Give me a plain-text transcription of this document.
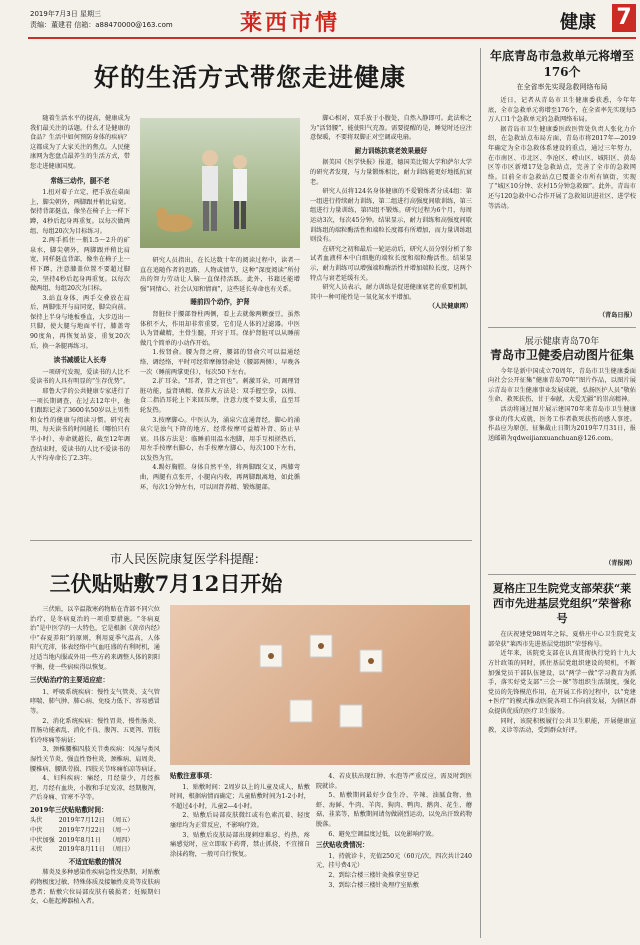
2019年7月3日 星期三
责编：董建君 信箱：a88470000@163.com	莱西市情	健康 7
好的生活方式带您走进健康

随着生活水平的提高，健康成为我们最关注的话题。什么才是健康的食品？生活中如何预防身体的疾病？这都成为了大家关注的焦点。人民健康网为您盘点最养生的生活方式，带您走进健康国度。

常练三动作，腿不老

1.扭对着子立定，把手放在桌面上，脚尖朝外，两脚跟并稍比肩宽。保持背部挺直，像坐在椅子上一样下蹲，4秒后起身再重复。以每次做两组、每组20次为目标练习。

2.两手抓住一瓶1.5～2升的矿泉水，脚尖朝外，两脚跟并稍比肩宽，同样挺直背部，像坐在椅子上一样下蹲，注意膝盖位置不要超过脚尖，坚持4秒后起身再重复。以每次做两组、每组20次为目标。

3.站直身体，两手交叠放在肩后，两脚张开与肩同宽，脚尖向前。保持上半身与地板垂直，大步迈出一只脚，使大腿与地面平行，膝盖弯90度角，再恢复站姿，重复20次后，换一条腿再练习。

读书减缓让人长寿

一项研究发现，爱读书的人比不爱读书的人具有明显的“生存优势”。

耶鲁大学的公共健康专家进行了一项长期调查，在过去12年中，他们跟踪记录了3600名50岁以上男性和女性的健康与阅读习惯。研究表明，每天读书的时间越长（哪怕只有半小时），寿命就越长，截至12年调查结束时，爱读书的人比不爱读书的人平均寿命长了2.3年。

研究人员指出，在长达数十年的阅读过程中，读者一直在追随作者的思路、人物或情节，这种“深度阅读”所付出的智力劳动让人脑一直保持活跃。此外，书籍还能增强“同情心、社会认知和情商”，这些延长寿命也有关系。

睡前四个动作，护肾

肾脏位于腰部脊柱两侧，看上去就像两颗蚕豆，虽然体积不大，作用却非常重要，它们是人体的过滤器。中医认为肾藏精，主骨生髓，开窍于耳。保护肾脏可以从睡前做几个简单的小动作开始。

1.按肾俞。腰为肾之府，腰部的肾俞穴可以温通经络、调经络，平时可经常摩擦肾俞处（腰部两侧），早晚各一次（睡前两掌更佳），每次50下左右。

2.扩耳朵。“耳者，肾之官也”。刺激耳朵，可调理肾脏功能，益肾填精、保养大方法是：双手握空拳，以拇、食二指沿耳轮上下来回压摩，注意力度不要太重，直至耳轮发热。

3.按摩脚心。中医认为，涌泉穴直通肾经，脚心的涌泉穴是浊气下降的地方，经常按摩可益精补肾、防止早衰。具体方法是：临睡前用温水泡脚，用手互相搓热后，用左手按摩右脚心，右手按摩左脚心，每次100下左右，以发热为宜。

4.踢好胸膛。身体自然平坐，将两脚跟交叉，两膝弯曲，两腿有点张开，小腿向内收，再两脚跟离地，如此循环，每次1分钟左右，可以固肾养精、锻炼腿部。

脚心相对，双手放于小腹处，自然入静即可。此法称之为“活肾腰”，能使阳气充盈。需要提醒的是，睡觉时还应注意保暖，不要将双脚正对空调或电扇。

耐力训练抗衰老效果最好

据美国《医学快报》报道，德国美比锡大学和萨尔大学的研究者发现，与力量锻炼相比，耐力训练能更好地抵抗衰老。

研究人员将124名身体健康的不爱锻炼者分成4组：第一组进行持续耐力训练，第二组进行高强度间歇训练，第三组进行力量训练，第四组不锻炼。研究过程为6个月，每周运动3次，每次45分钟。结果显示，耐力训练和高强度间歇训练组的端粒酶活性和端粒长度都有所增加，而力量训练组则没有。

在研究之初和最后一轮运动后，研究人员分别分析了参试者血液样本中白细胞的端粒长度和端粒酶活性。结果显示，耐力训练可以增强端粒酶活性并增加端粒长度，这两个特点与衰老延缓有关。

研究人员表示，耐力训练是促进健康衰老的重要机制，其中一种可能性是一氧化氮水平增加。

（人民健康网）
市人民医院康复医学科提醒：
三伏贴贴敷7月12日开始

三伏贴，以辛温散寒药物贴在背部不同穴位治疗，是冬病夏治的一项重要措施。“冬病夏治”是中医学的一大特色，它是根据《黄帝内经》中“春夏养阳”的原则，利用夏季气温高，人体阳气充沛，体表经络中气血旺盛的有利时机，通过适当地内服或外用一些方药来调整人体的阴阳平衡，使一些宿疾得以恢复。

三伏贴治疗的主要适应症：

1、呼吸系统疾病：慢性支气管炎、支气管哮喘、肺气肿、肺心病、免疫力低下、容易感冒等。

2、消化系统疾病：慢性胃炎、慢性肠炎、胃肠功能紊乱、消化不良、腹泻、五更泻、胃脘怕冷疼痛等病证；

3、颈椎腰椎四肢关节类疾病：风湿与类风湿性关节炎、强直性脊柱炎、颈椎病、肩周炎、腰椎病、腰肌劳损、四肢关节疼痛怕凉等病证。

4、妇科疾病：痛经，月经量少，月经推迟，月经有血块，小腹和手足发凉，经期腹泻，产后身痛、宫寒不孕等。

2019年三伏贴贴敷时间：
头伏	2019年7月12日	（周五）
中伏	2019年7月22日	（周一）
中伏加强	2019年8月1日	（周四）
末伏	2019年8月11日	（周日）
不适宜贴敷的情况

肺炎及多种感染性疾病急性发热期、对贴敷药物极度过敏、特殊体质及接触性皮炎等皮肤病患者；贴敷穴位局部皮肤有破损者；妊娠期妇女，心脏起搏器植入者。

贴敷注意事项：

1、贴敷时间：2周岁以上的儿童及成人，贴敷时间，根据病情而确定；儿童贴敷时间为1-2小时，不超过4小时，儿童2—4小时。

2、贴敷后局部皮肤微红或有色素沉着、轻度瘙痒均为正常反应，不影响疗效。

3、贴敷后皮肤局部出现刺痒难忍、灼热、疼痛感觉时，应立即取下药膏，禁止抓挠，不宜擅自涂抹药物，一般可自行恢复。

4、若皮肤出现红肿、水泡等严重反应，需及时到医院就诊。

5、贴敷期间最好少食生冷、辛辣、油腻食物、鱼虾、海鲜、牛肉、羊肉、狗肉、鸭肉、鹅肉、花生、蘑菇、韭菜等，贴敷期间请勿做剧烈运动，以免出汗致药物脱落。

6、避免空调温度过低，以免影响疗效。

三伏贴收费情况：

1、持就诊卡，充值250元（60元/次，四次共计240元，挂号费4元）

2、到综合楼三楼针灸推拿室登记

3、到综合楼三楼针灸理疗室贴敷

年底青岛市急救单元将增至176个
在全省率先实现急救网络布局

近日，记者从青岛市卫生健康委获悉，今年年底，全市急救单元将增至176个，在全省率先实现每5万人口1个急救单元的急救网络布局。

据青岛市卫生健康委医政医管处负责人张化力介绍，在急救站点布局方面，青岛市将2017年—2019年确定为全市急救体系建设的重点，通过三年努力，在市南区、市北区、李沧区、崂山区、城阳区、黄岛区等市区新增17处急救站点，完善了全市的急救网络。目前全市急救站点已覆盖全市所有镇街，实现了“城区10分钟、农村15分钟急救圈”。此外，青岛市还与120急救中心合作开展了急救知识进社区、进学校等活动。

（青岛日报）
展示健康青岛70年
青岛市卫健委启动图片征集

今年是新中国成立70周年，青岛市卫生健康委面向社会公开征集“健康青岛70年”图片作品，以图片展示青岛市卫生健康事业发展成就，弘扬医护人员“敬佑生命、救死扶伤、甘于奉献、大爱无疆”的崇高精神。

活动将通过图片展示建国70年来青岛市卫生健康事业的伟大成就，医务工作者救死扶伤的感人事迹。作品应为原创，征集截止日期为2019年7月31日，报送邮箱为qdweijianxuanchuan@126.com。

（青报网）
夏格庄卫生院党支部荣获“莱西市先进基层党组织”荣誉称号

在庆祝建党98周年之际，夏格庄中心卫生院党支部荣获“莱西市先进基层党组织”荣誉称号。

近年来，该院党支部在认真贯彻执行党的十九大方针政策的同时，抓住基层党组织建设的契机，不断加强党员干部队伍建设，以“两学一做”学习教育为抓手，落实好党支部“三会一课”等组织生活制度，强化党员的先锋模范作用，在开展工作的过程中，以“党建+医疗”的模式推动医院各项工作向前发展，为辖区群众提供优质的医疗卫生服务。

同时，该院积极履行公共卫生职能，开展健康宣教、义诊等活动，受到群众好评。
